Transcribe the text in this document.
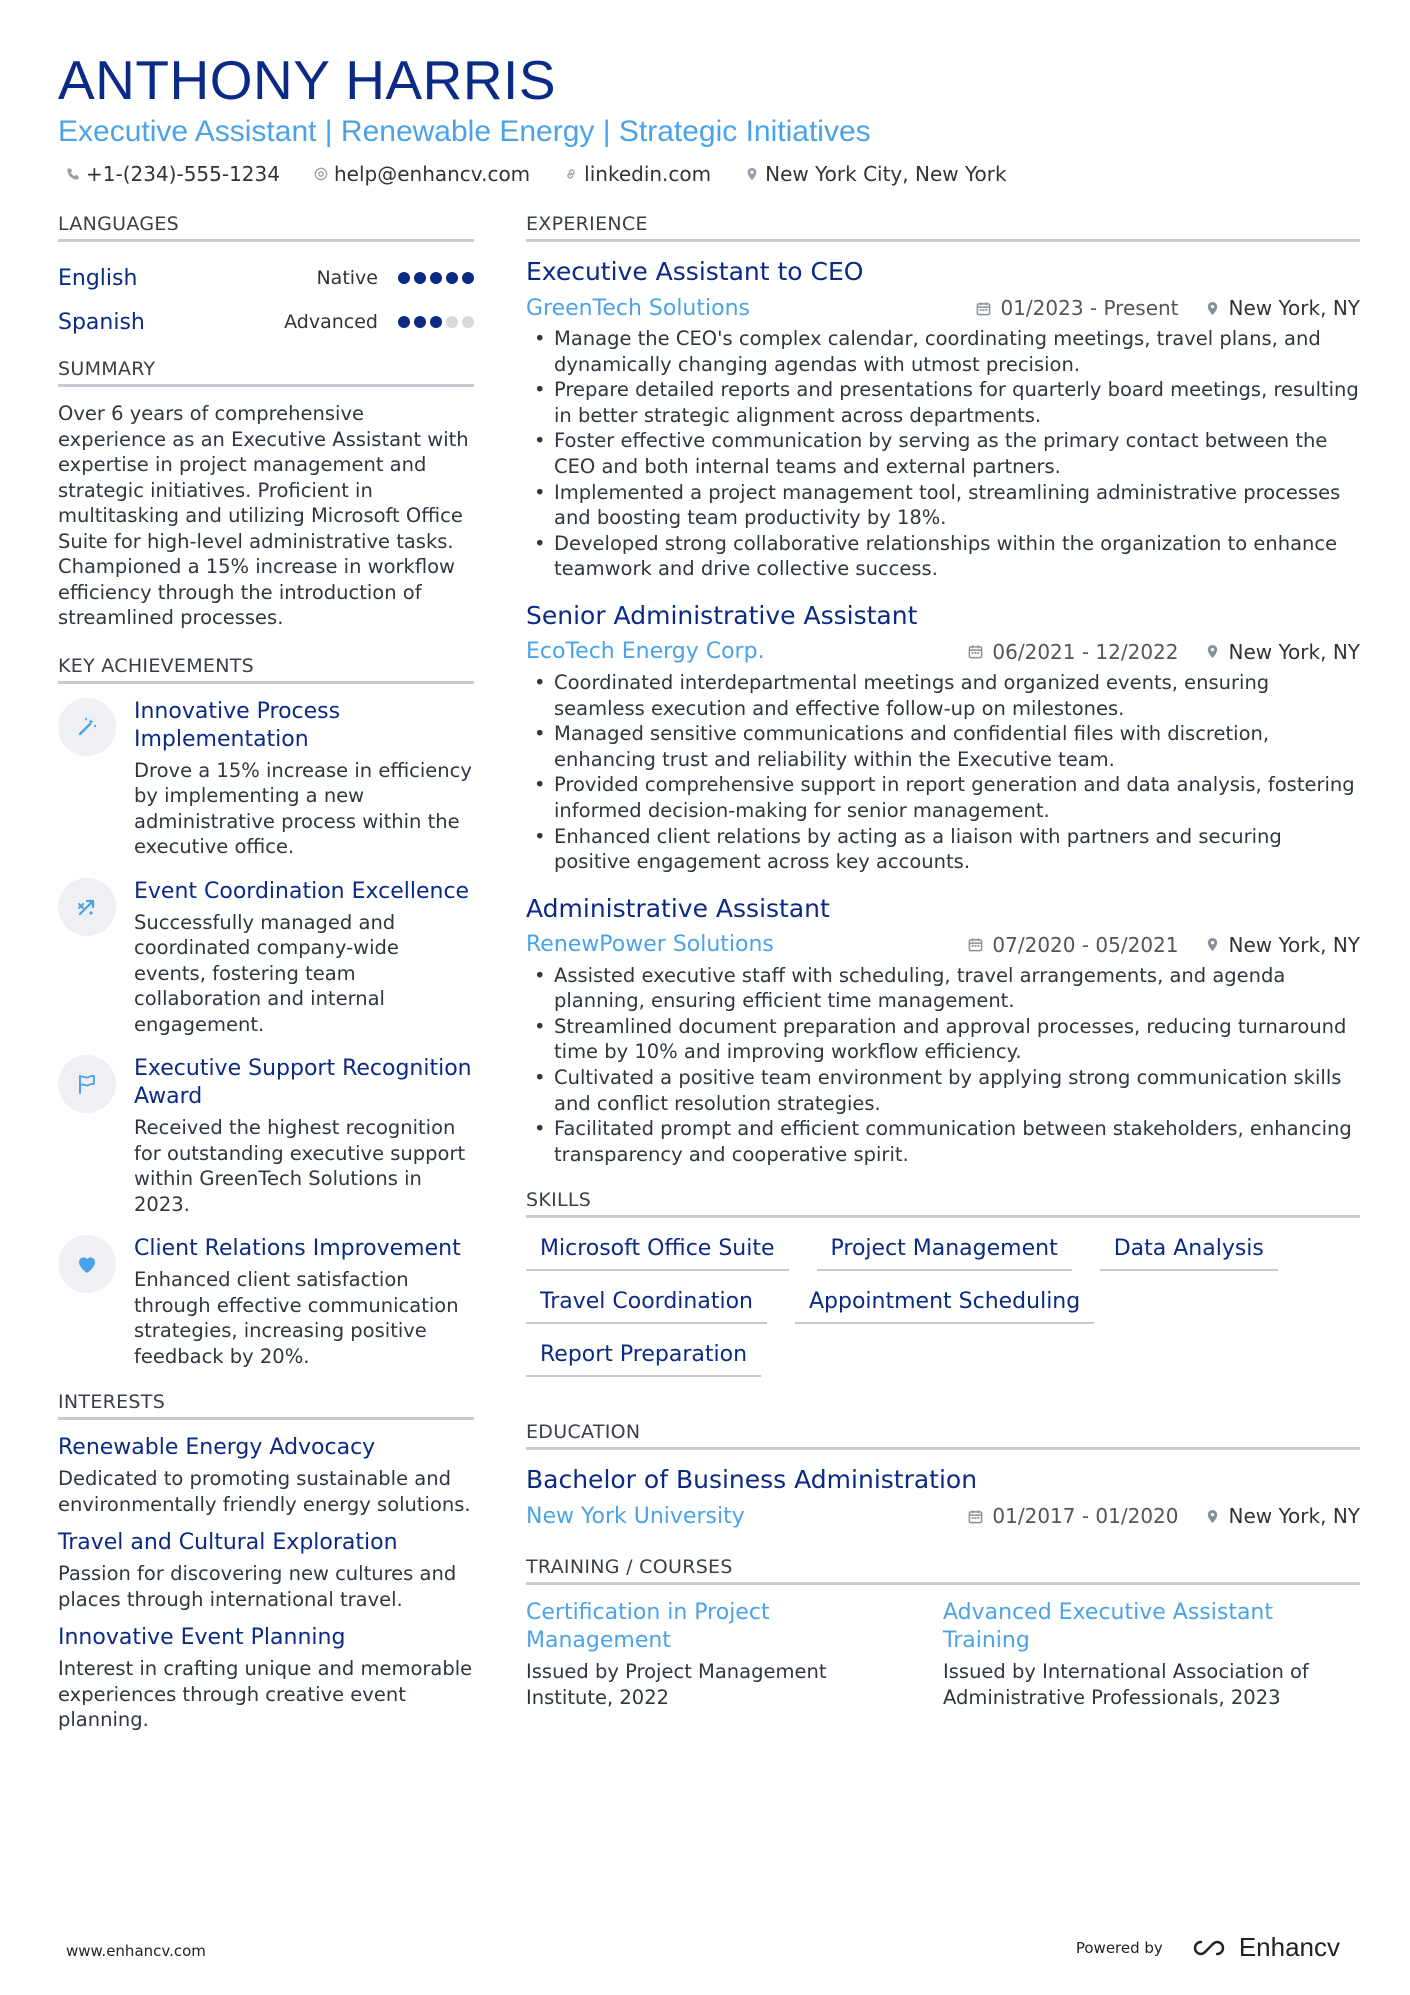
ANTHONY HARRIS
Executive Assistant | Renewable Energy | Strategic Initiatives
+1-(234)-555-1234	help@enhancv.com	linkedin.com	New York City, New York
LANGUAGES
English	Native
Spanish	Advanced
SUMMARY
Over 6 years of comprehensive experience as an Executive Assistant with expertise in project management and strategic initiatives. Proficient in multitasking and utilizing Microsoft Office Suite for high-level administrative tasks. Championed a 15% increase in workflow efficiency through the introduction of streamlined processes.
KEY ACHIEVEMENTS
Innovative Process Implementation
Drove a 15% increase in efficiency by implementing a new administrative process within the executive office.
Event Coordination Excellence
Successfully managed and coordinated company-wide events, fostering team collaboration and internal engagement.
Executive Support Recognition Award
Received the highest recognition for outstanding executive support within GreenTech Solutions in 2023.
Client Relations Improvement
Enhanced client satisfaction through effective communication strategies, increasing positive feedback by 20%.
INTERESTS
Renewable Energy Advocacy
Dedicated to promoting sustainable and environmentally friendly energy solutions.
Travel and Cultural Exploration
Passion for discovering new cultures and places through international travel.
Innovative Event Planning
Interest in crafting unique and memorable experiences through creative event planning.
EXPERIENCE
Executive Assistant to CEO
GreenTech Solutions	01/2023 - Present	New York, NY
• Manage the CEO's complex calendar, coordinating meetings, travel plans, and dynamically changing agendas with utmost precision.
• Prepare detailed reports and presentations for quarterly board meetings, resulting in better strategic alignment across departments.
• Foster effective communication by serving as the primary contact between the CEO and both internal teams and external partners.
• Implemented a project management tool, streamlining administrative processes and boosting team productivity by 18%.
• Developed strong collaborative relationships within the organization to enhance teamwork and drive collective success.
Senior Administrative Assistant
EcoTech Energy Corp.	06/2021 - 12/2022	New York, NY
• Coordinated interdepartmental meetings and organized events, ensuring seamless execution and effective follow-up on milestones.
• Managed sensitive communications and confidential files with discretion, enhancing trust and reliability within the Executive team.
• Provided comprehensive support in report generation and data analysis, fostering informed decision-making for senior management.
• Enhanced client relations by acting as a liaison with partners and securing positive engagement across key accounts.
Administrative Assistant
RenewPower Solutions	07/2020 - 05/2021	New York, NY
• Assisted executive staff with scheduling, travel arrangements, and agenda planning, ensuring efficient time management.
• Streamlined document preparation and approval processes, reducing turnaround time by 10% and improving workflow efficiency.
• Cultivated a positive team environment by applying strong communication skills and conflict resolution strategies.
• Facilitated prompt and efficient communication between stakeholders, enhancing transparency and cooperative spirit.
SKILLS
Microsoft Office Suite	Project Management	Data Analysis
Travel Coordination	Appointment Scheduling
Report Preparation
EDUCATION
Bachelor of Business Administration
New York University	01/2017 - 01/2020	New York, NY
TRAINING / COURSES
Certification in Project Management
Issued by Project Management Institute, 2022
Advanced Executive Assistant Training
Issued by International Association of Administrative Professionals, 2023
www.enhancv.com	Powered by	Enhancv
